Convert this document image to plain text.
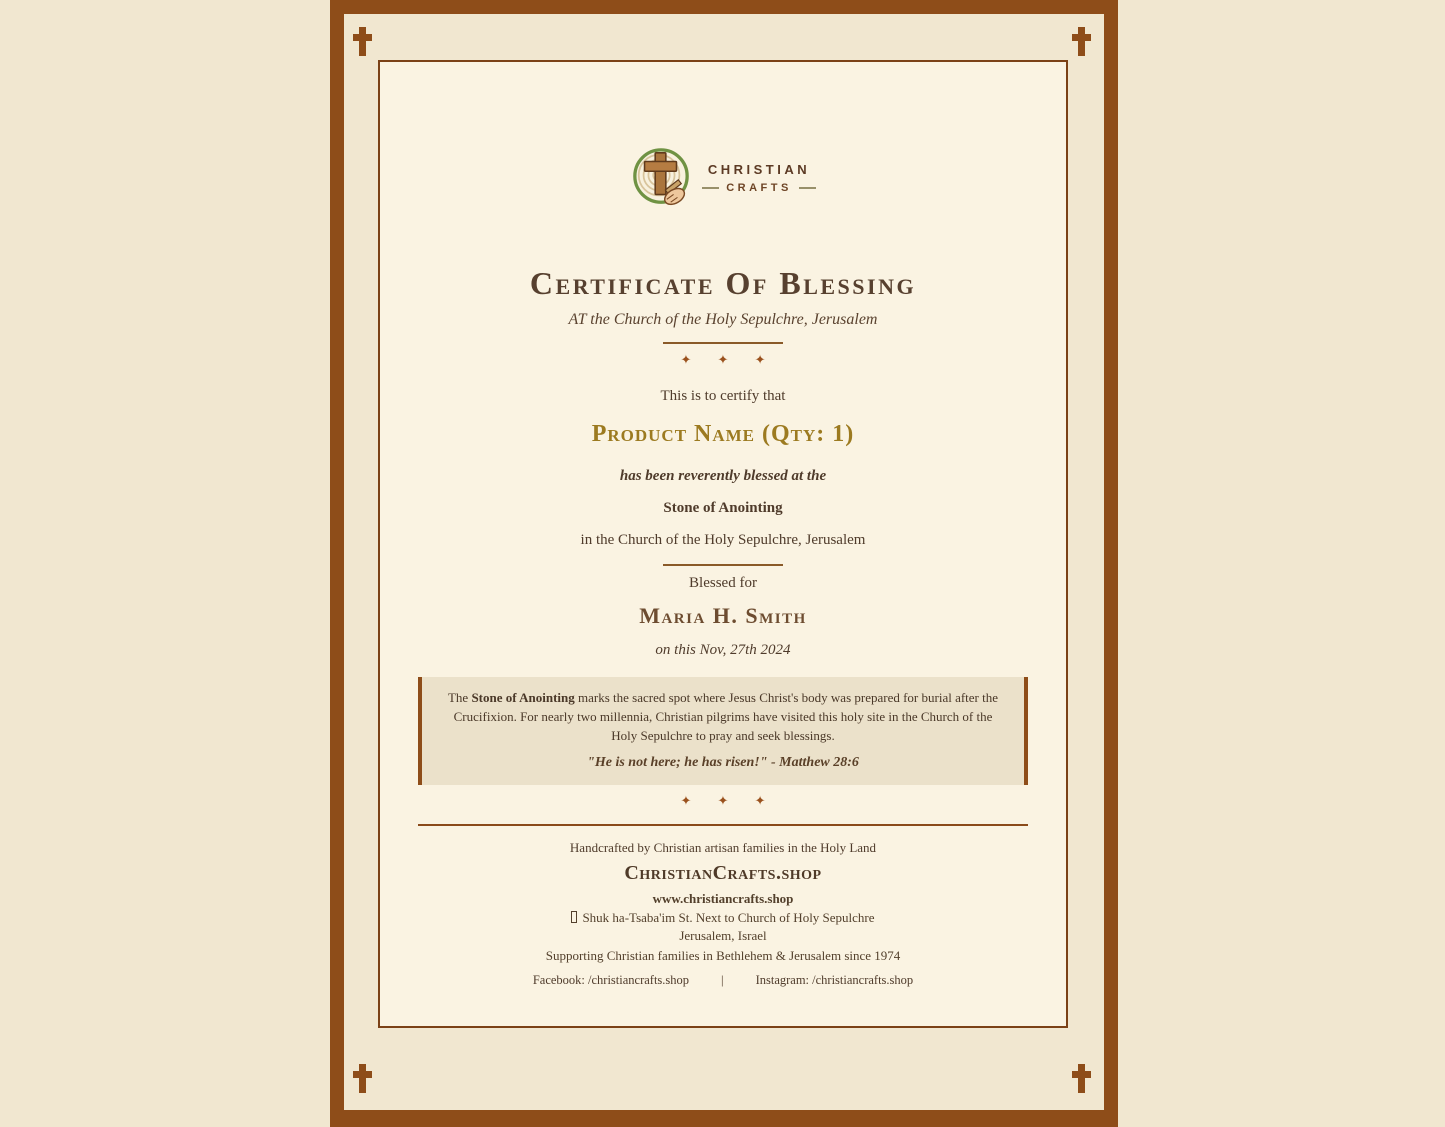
CHRISTIAN
CRAFTS
Certificate Of Blessing
AT the Church of the Holy Sepulchre, Jerusalem
✦ ✦ ✦
This is to certify that
Product Name (Qty: 1)
has been reverently blessed at the
Stone of Anointing
in the Church of the Holy Sepulchre, Jerusalem
Blessed for
Maria H. Smith
on this Nov, 27th 2024

The Stone of Anointing marks the sacred spot where Jesus Christ's body was prepared for burial after the Crucifixion. For nearly two millennia, Christian pilgrims have visited this holy site in the Church of the Holy Sepulchre to pray and seek blessings.

"He is not here; he has risen!" - Matthew 28:6
✦ ✦ ✦
Handcrafted by Christian artisan families in the Holy Land
ChristianCrafts.shop
www.christiancrafts.shop
Shuk ha-Tsaba'im St. Next to Church of Holy Sepulchre
Jerusalem, Israel
Supporting Christian families in Bethlehem & Jerusalem since 1974
Facebook: /christiancrafts.shop	|	Instagram: /christiancrafts.shop
